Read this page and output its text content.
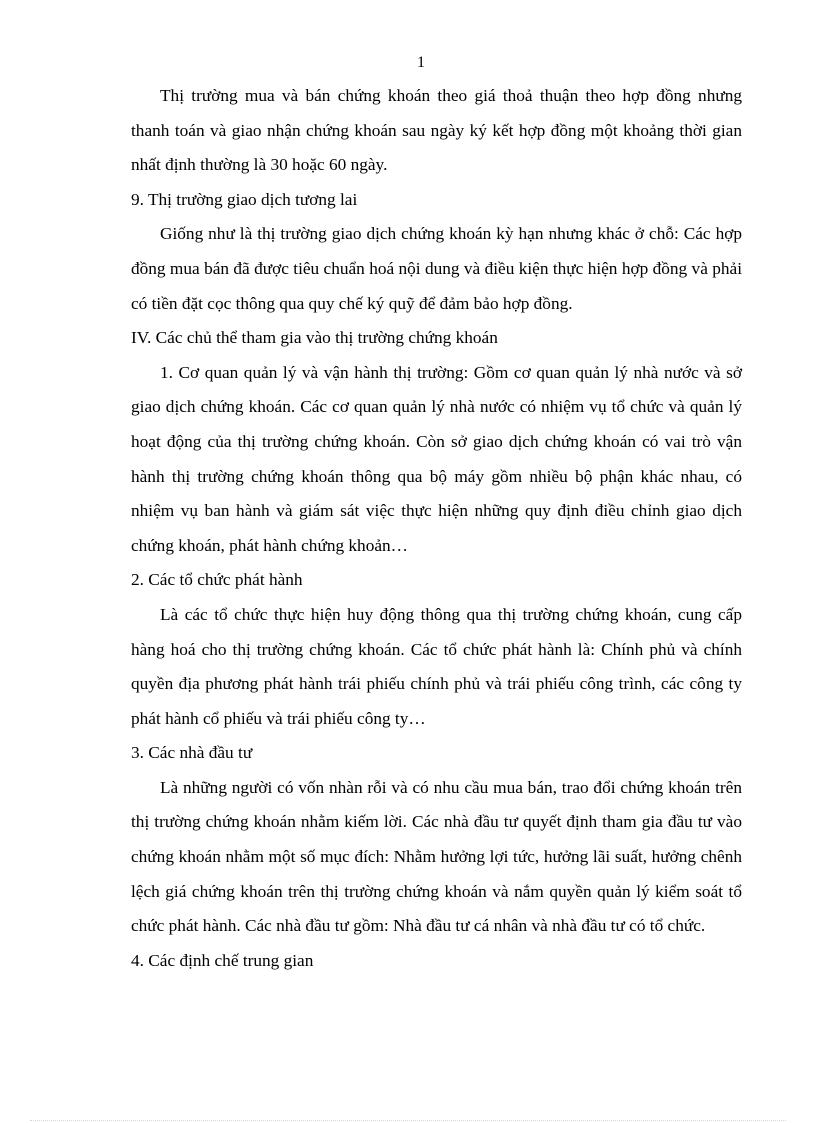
1

Thị trường mua và bán chứng khoán theo giá thoả thuận theo hợp đồng nhưng thanh toán và giao nhận chứng khoán sau ngày ký kết hợp đồng một khoảng thời gian nhất định thường là 30 hoặc 60 ngày.

9. Thị trường giao dịch tương lai

Giống như là thị trường giao dịch chứng khoán kỳ hạn nhưng khác ở chỗ: Các hợp đồng mua bán đã được tiêu chuẩn hoá nội dung và điều kiện thực hiện hợp đồng và phải có tiền đặt cọc thông qua quy chế ký quỹ để đảm bảo hợp đồng.

IV. Các chủ thể tham gia vào thị trường chứng khoán

1. Cơ quan quản lý và vận hành thị trường: Gồm cơ quan quản lý nhà nước và sở giao dịch chứng khoán. Các cơ quan quản lý nhà nước có nhiệm vụ tổ chức và quản lý hoạt động của thị trường chứng khoán. Còn sở giao dịch chứng khoán có vai trò vận hành thị trường chứng khoán thông qua bộ máy gồm nhiều bộ phận khác nhau, có nhiệm vụ ban hành và giám sát việc thực hiện những quy định điều chỉnh giao dịch chứng khoán, phát hành chứng khoản…

2. Các tổ chức phát hành

Là các tổ chức thực hiện huy động thông qua thị trường chứng khoán, cung cấp hàng hoá cho thị trường chứng khoán. Các tổ chức phát hành là: Chính phủ và chính quyền địa phương phát hành trái phiếu chính phủ và trái phiếu công trình, các công ty phát hành cổ phiếu và trái phiếu công ty…

3. Các nhà đầu tư

Là những người có vốn nhàn rỗi và có nhu cầu mua bán, trao đổi chứng khoán trên thị trường chứng khoán nhằm kiếm lời. Các nhà đầu tư quyết định tham gia đầu tư vào chứng khoán nhằm một số mục đích: Nhằm hưởng lợi tức, hưởng lãi suất, hưởng chênh lệch giá chứng khoán trên thị trường chứng khoán và nắm quyền quản lý kiểm soát tổ chức phát hành. Các nhà đầu tư gồm: Nhà đầu tư cá nhân và nhà đầu tư có tổ chức.

4. Các định chế trung gian
